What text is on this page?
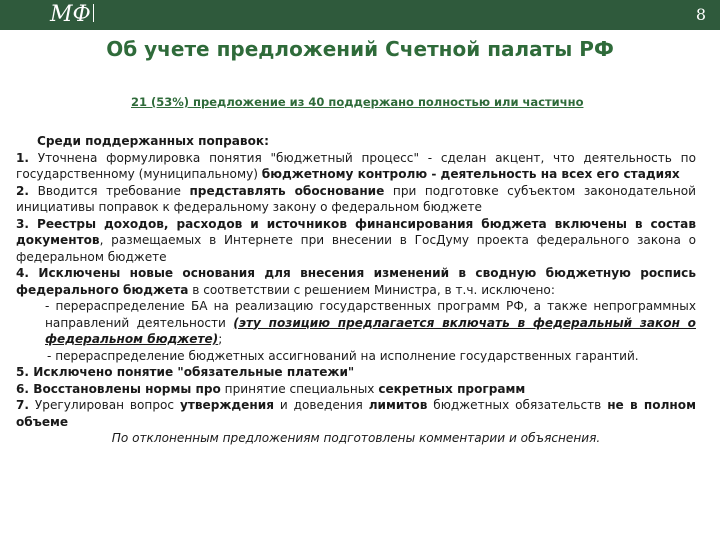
МФ	8
Об учете предложений Счетной палаты РФ
21 (53%) предложение из 40 поддержано полностью или частично

Среди поддержанных поправок:

1. Уточнена формулировка понятия "бюджетный процесс" - сделан акцент, что деятельность по государственному (муниципальному) бюджетному контролю - деятельность на всех его стадиях

2. Вводится требование представлять обоснование при подготовке субъектом законодательной инициативы поправок к федеральному закону о федеральном бюджете

3. Реестры доходов, расходов и источников финансирования бюджета включены в состав документов, размещаемых в Интернете при внесении в ГосДуму проекта федерального закона о федеральном бюджете

4. Исключены новые основания для внесения изменений в сводную бюджетную роспись федерального бюджета в соответствии с решением Министра, в т.ч. исключено:

- перераспределение БА на реализацию государственных программ РФ, а также непрограммных направлений деятельности (эту позицию предлагается включать в федеральный закон о федеральном бюджете);

- перераспределение бюджетных ассигнований на исполнение государственных гарантий.

5. Исключено понятие "обязательные платежи"

6. Восстановлены нормы про принятие специальных секретных программ

7. Урегулирован вопрос утверждения и доведения лимитов бюджетных обязательств не в полном объеме

По отклоненным предложениям подготовлены комментарии и объяснения.
